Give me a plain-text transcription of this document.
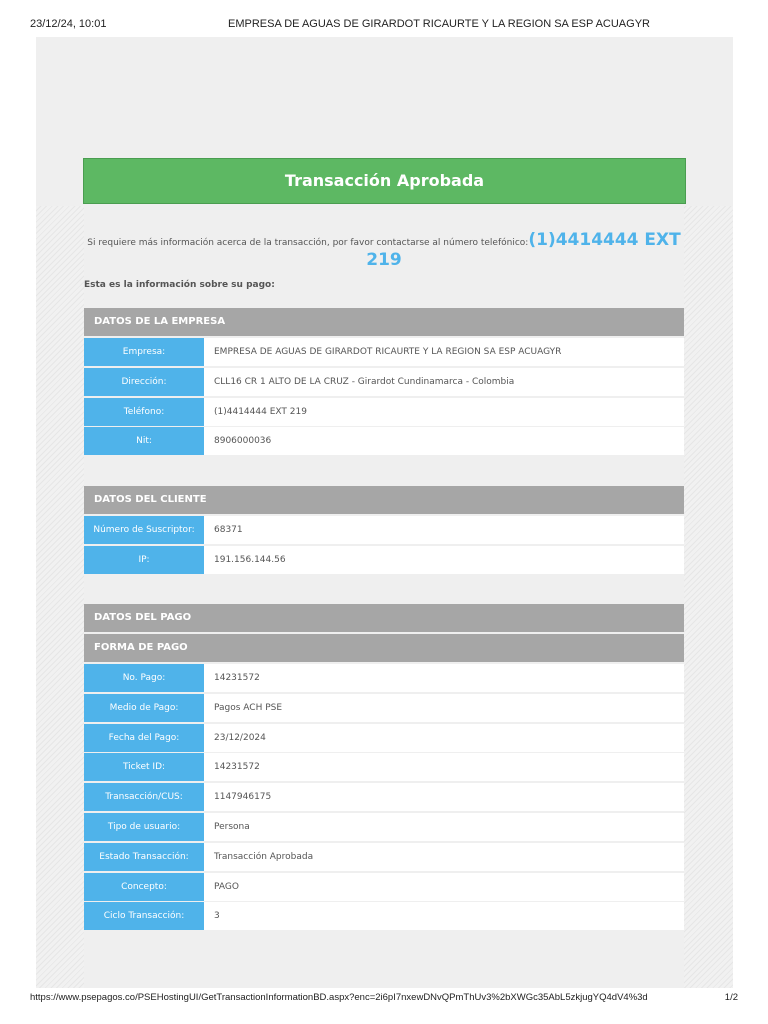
23/12/24, 10:01	EMPRESA DE AGUAS DE GIRARDOT RICAURTE Y LA REGION SA ESP ACUAGYR
Transacción Aprobada
Si requiere más información acerca de la transacción, por favor contactarse al número telefónico:(1)4414444 EXT 219
Esta es la información sobre su pago:
DATOS DE LA EMPRESA
Empresa:	EMPRESA DE AGUAS DE GIRARDOT RICAURTE Y LA REGION SA ESP ACUAGYR
Dirección:	CLL16 CR 1 ALTO DE LA CRUZ - Girardot Cundinamarca - Colombia
Teléfono:	(1)4414444 EXT 219
Nit:	8906000036
DATOS DEL CLIENTE
Número de Suscriptor:	68371
IP:	191.156.144.56
DATOS DEL PAGO
FORMA DE PAGO
No. Pago:	14231572
Medio de Pago:	Pagos ACH PSE
Fecha del Pago:	23/12/2024
Ticket ID:	14231572
Transacción/CUS:	1147946175
Tipo de usuario:	Persona
Estado Transacción:	Transacción Aprobada
Concepto:	PAGO
Ciclo Transacción:	3
https://www.psepagos.co/PSEHostingUI/GetTransactionInformationBD.aspx?enc=2i6pI7nxewDNvQPmThUv3%2bXWGc35AbL5zkjugYQ4dV4%3d	1/2
